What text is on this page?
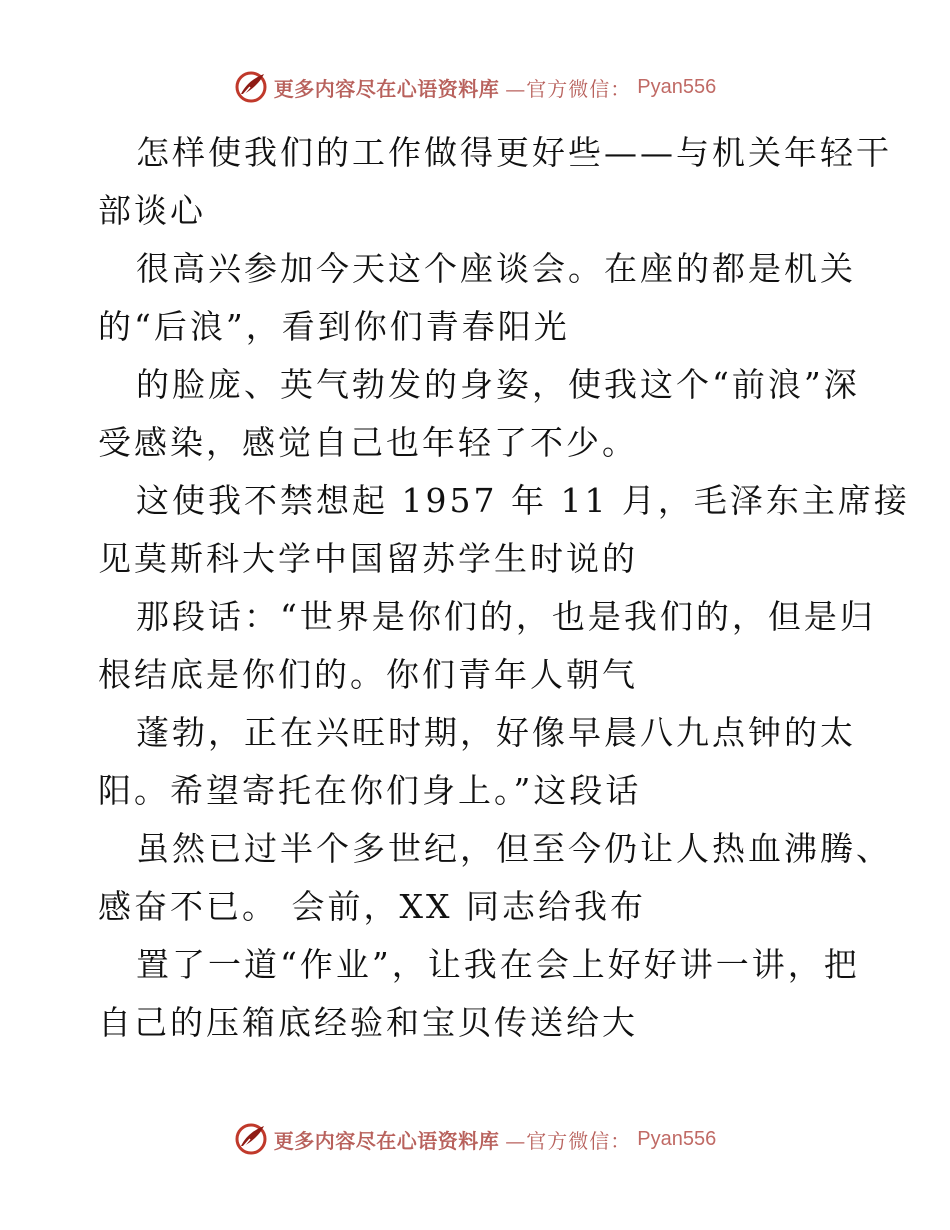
更多内容尽在心语资料库 —官方微信： Pyan556
怎样使我们的工作做得更好些——与机关年轻干
部谈心
很高兴参加今天这个座谈会。在座的都是机关
的“后浪”，看到你们青春阳光
的脸庞、英气勃发的身姿，使我这个“前浪”深
受感染，感觉自己也年轻了不少。
这使我不禁想起 1957 年 11 月，毛泽东主席接
见莫斯科大学中国留苏学生时说的
那段话：“世界是你们的，也是我们的，但是归
根结底是你们的。你们青年人朝气
蓬勃，正在兴旺时期，好像早晨八九点钟的太
阳。希望寄托在你们身上。”这段话
虽然已过半个多世纪，但至今仍让人热血沸腾、
感奋不已。 会前，XX 同志给我布
置了一道“作业”，让我在会上好好讲一讲，把
自己的压箱底经验和宝贝传送给大
更多内容尽在心语资料库 —官方微信： Pyan556
